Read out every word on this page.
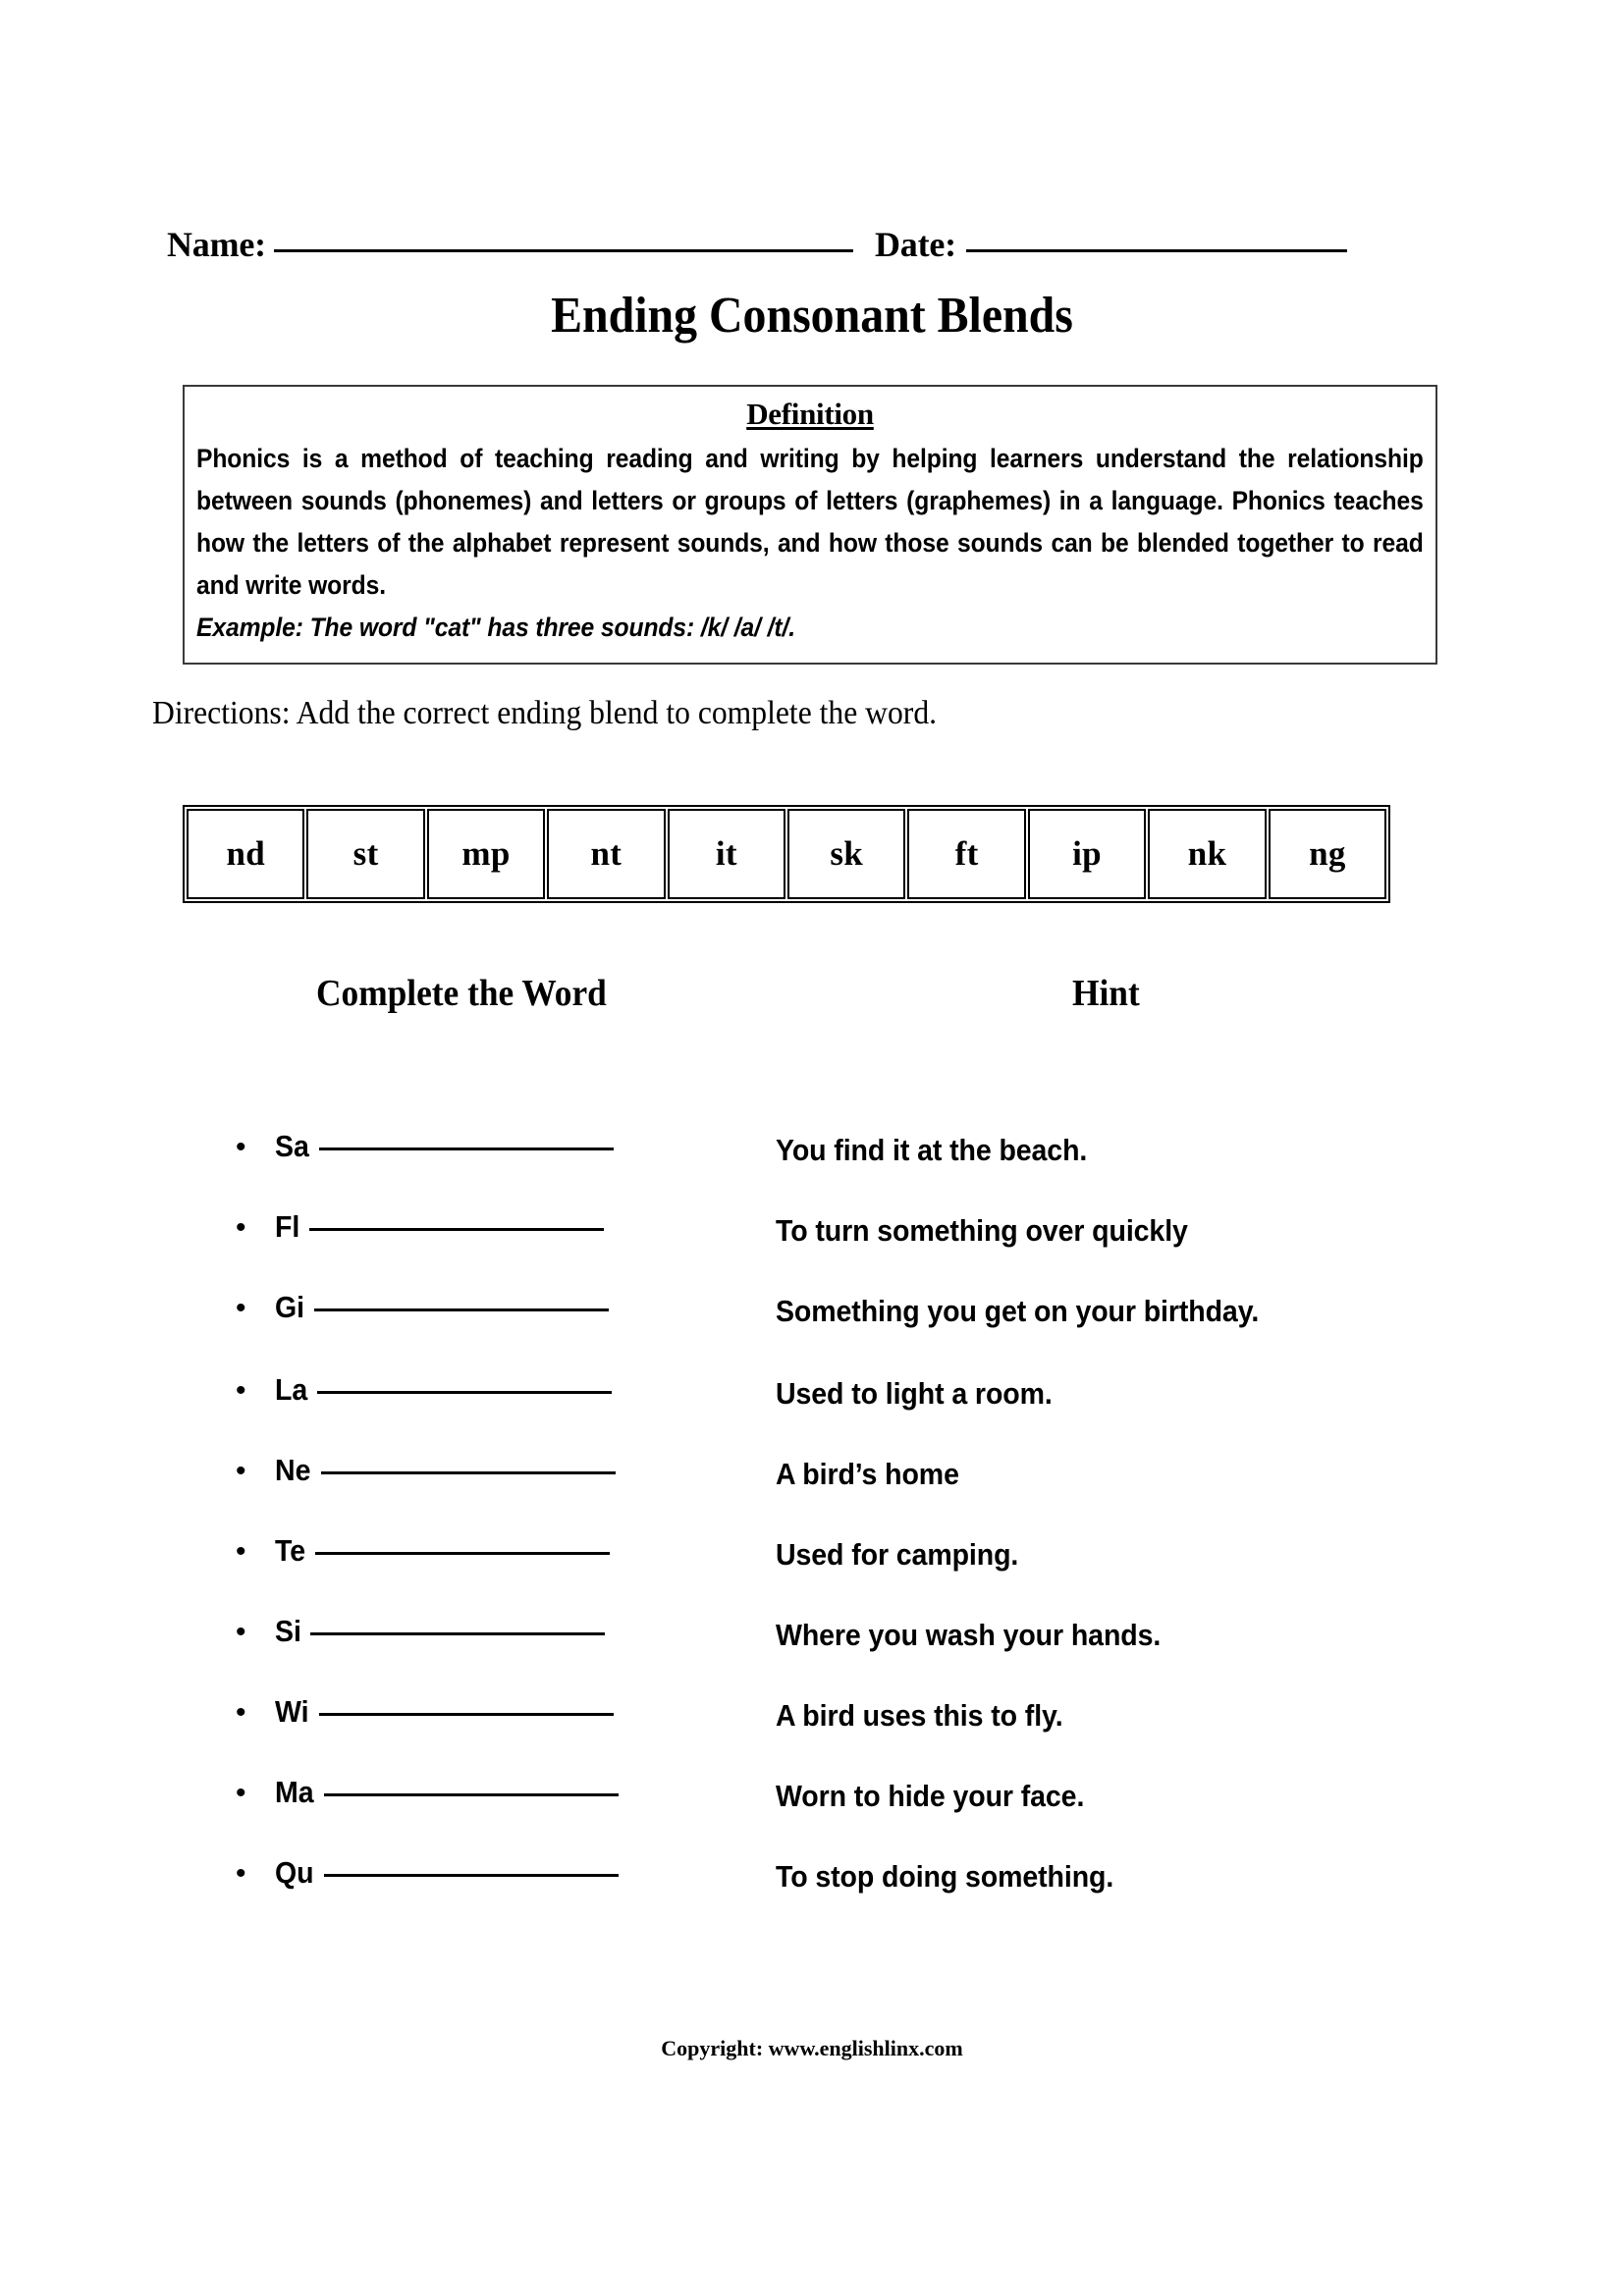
Name:	Date:
Ending Consonant Blends
Definition
Phonics is a method of teaching reading and writing by helping learners understand the relationship between sounds (phonemes) and letters or groups of letters (graphemes) in a language. Phonics teaches how the letters of the alphabet represent sounds, and how those sounds can be blended together to read and write words.
Example: The word "cat" has three sounds: /k/ /a/ /t/.
Directions: Add the correct ending blend to complete the word.
nd	st	mp	nt	it	sk	ft	ip	nk	ng
Complete the Word	Hint
• Sa	You find it at the beach.
• Fl	To turn something over quickly
• Gi	Something you get on your birthday.
• La	Used to light a room.
• Ne	A bird’s home
• Te	Used for camping.
• Si	Where you wash your hands.
• Wi	A bird uses this to fly.
• Ma	Worn to hide your face.
• Qu	To stop doing something.
Copyright: www.englishlinx.com
